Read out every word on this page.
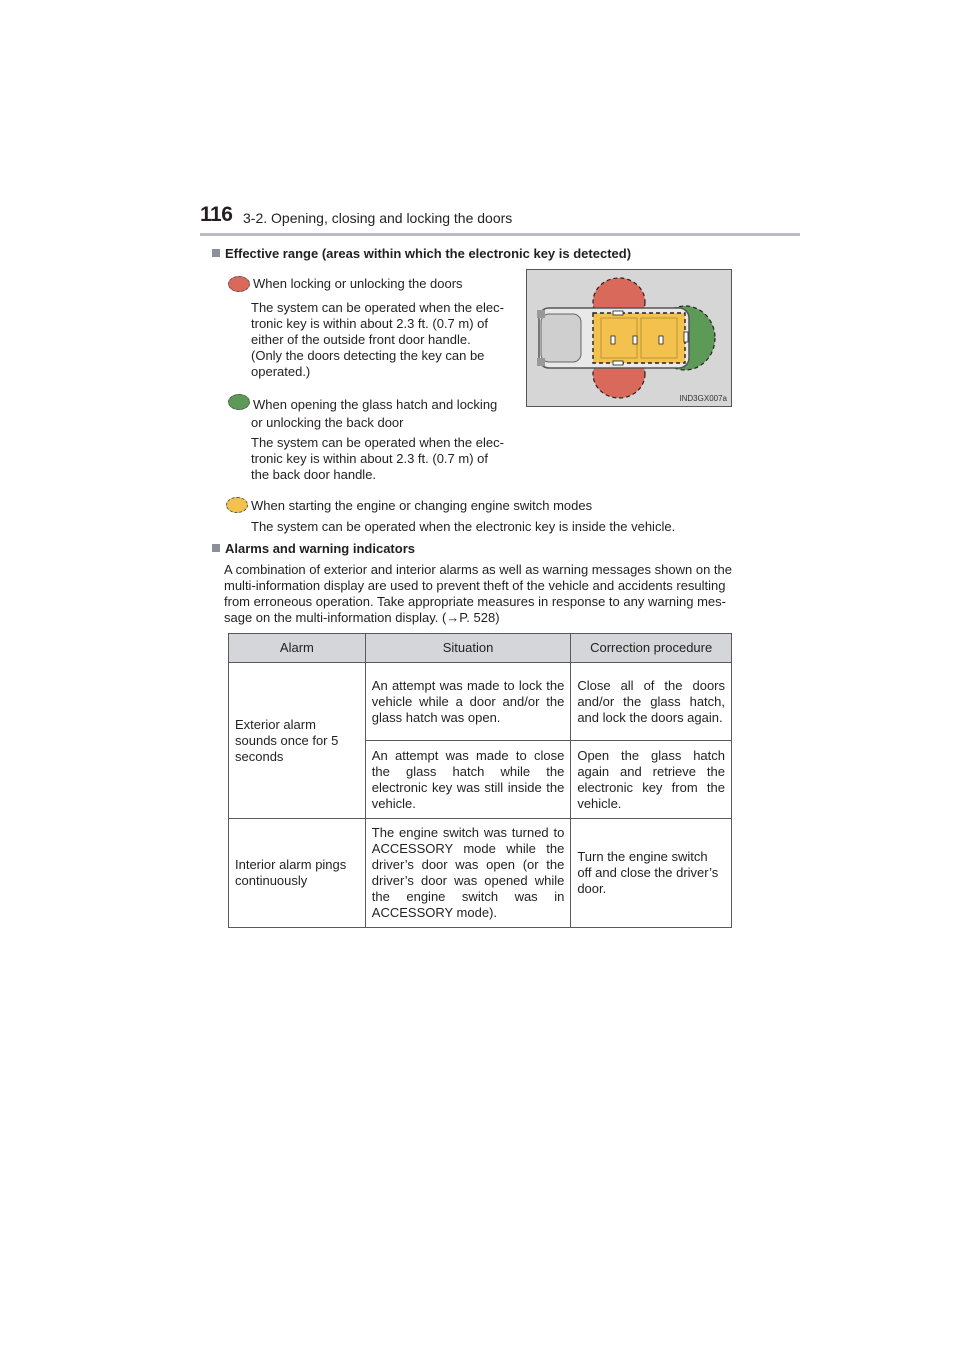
116 3-2. Opening, closing and locking the doors
Effective range (areas within which the electronic key is detected)
When locking or unlocking the doors
The system can be operated when the elec-
tronic key is within about 2.3 ft. (0.7 m) of
either of the outside front door handle.
(Only the doors detecting the key can be
operated.)
When opening the glass hatch and locking
or unlocking the back door
The system can be operated when the elec-
tronic key is within about 2.3 ft. (0.7 m) of
the back door handle.
When starting the engine or changing engine switch modes
The system can be operated when the electronic key is inside the vehicle.
IND3GX007a
Alarms and warning indicators
A combination of exterior and interior alarms as well as warning messages shown on the
multi-information display are used to prevent theft of the vehicle and accidents resulting
from erroneous operation. Take appropriate measures in response to any warning mes-
sage on the multi-information display. (→P. 528)
Alarm	Situation	Correction procedure
Exterior alarm sounds once for 5 seconds	An attempt was made to lock the vehicle while a door and/or the glass hatch was open.	Close all of the doors and/or the glass hatch, and lock the doors again.
	An attempt was made to close the glass hatch while the electronic key was still inside the vehicle.	Open the glass hatch again and retrieve the electronic key from the vehicle.
Interior alarm pings continuously	The engine switch was turned to ACCESSORY mode while the driver’s door was open (or the driver’s door was opened while the engine switch was in ACCESSORY mode).	Turn the engine switch off and close the driver’s door.
